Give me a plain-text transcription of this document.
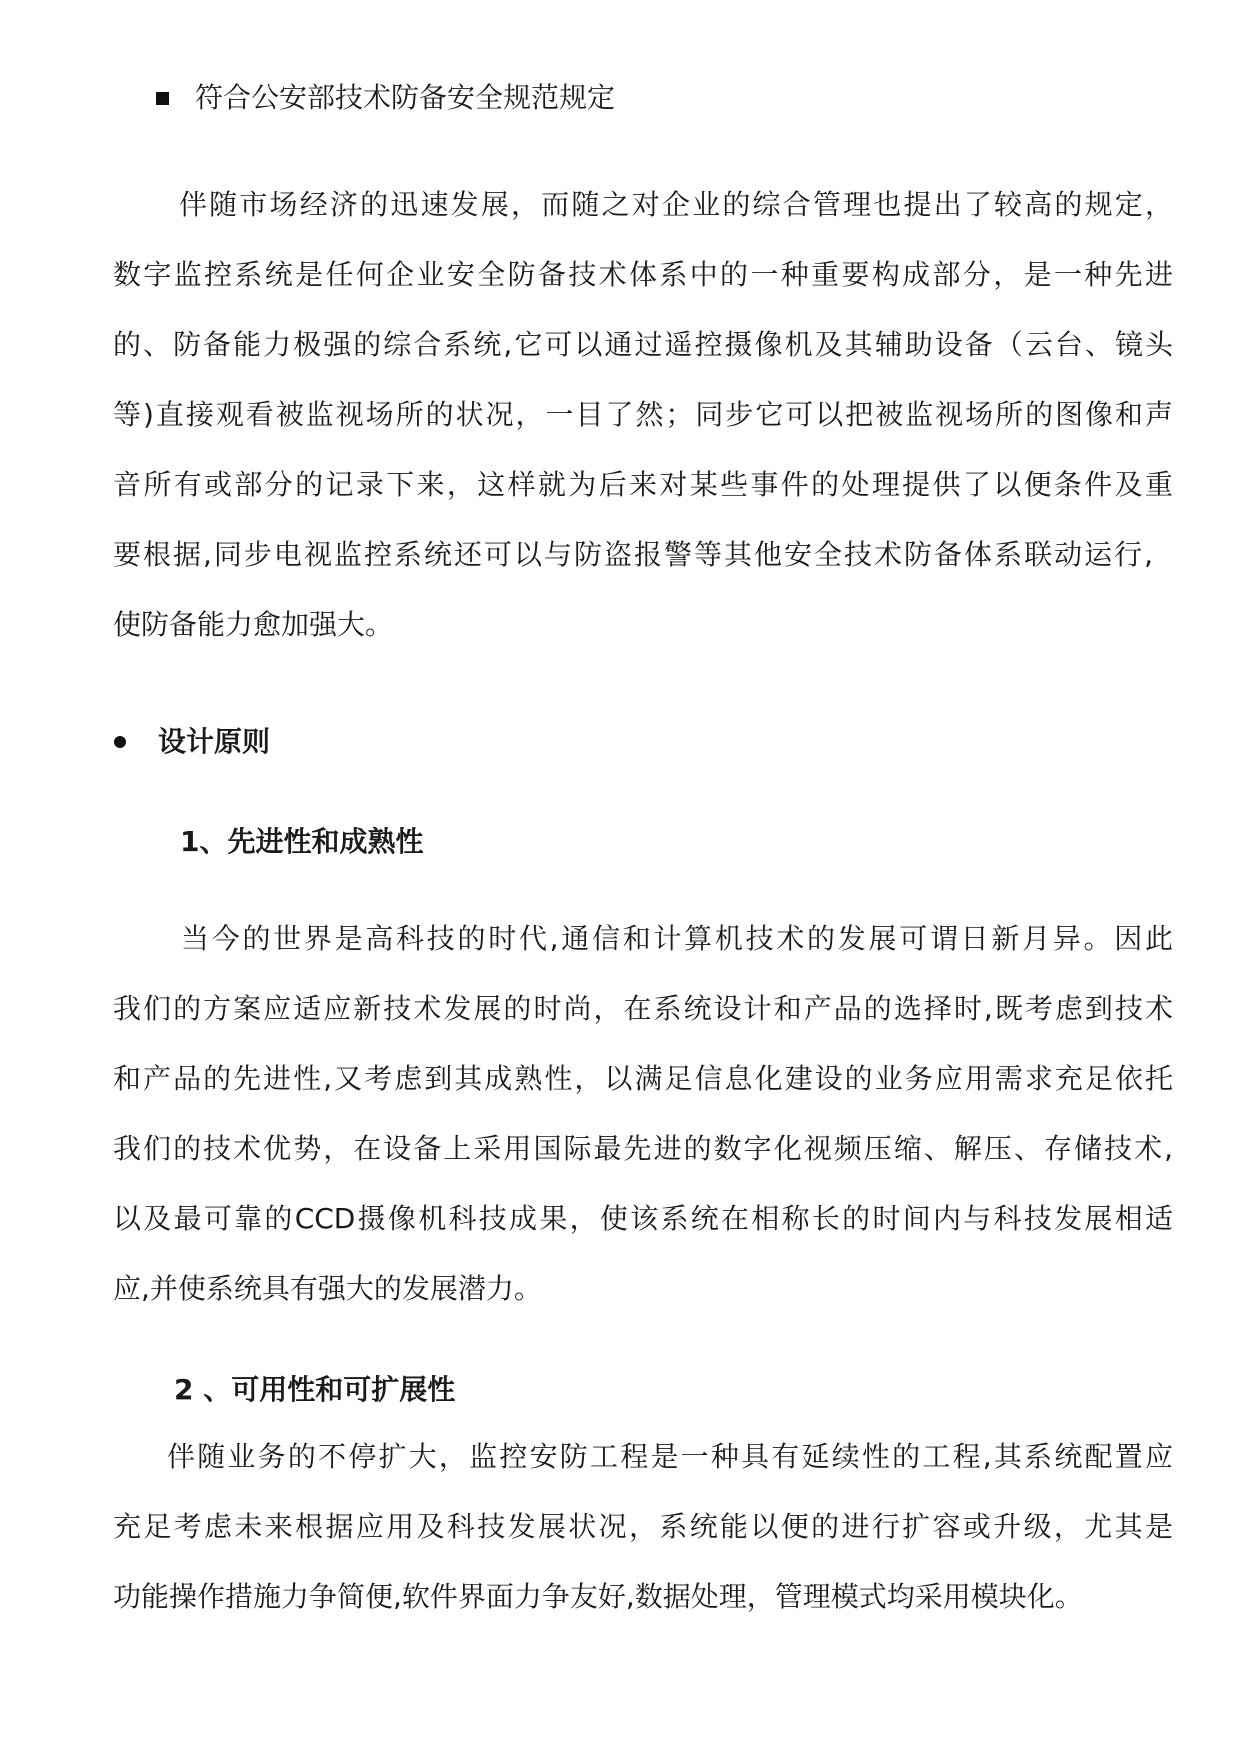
符合公安部技术防备安全规范规定
伴随市场经济的迅速发展，而随之对企业的综合管理也提出了较高的规定，
数字监控系统是任何企业安全防备技术体系中的一种重要构成部分，是一种先进
的、防备能力极强的综合系统,它可以通过遥控摄像机及其辅助设备（云台、镜头
等)直接观看被监视场所的状况，一目了然；同步它可以把被监视场所的图像和声
音所有或部分的记录下来，这样就为后来对某些事件的处理提供了以便条件及重
要根据,同步电视监控系统还可以与防盗报警等其他安全技术防备体系联动运行,
使防备能力愈加强大。
设计原则
1、先进性和成熟性
当今的世界是高科技的时代,通信和计算机技术的发展可谓日新月异。因此
我们的方案应适应新技术发展的时尚，在系统设计和产品的选择时,既考虑到技术
和产品的先进性,又考虑到其成熟性，以满足信息化建设的业务应用需求充足依托
我们的技术优势，在设备上采用国际最先进的数字化视频压缩、解压、存储技术,
以及最可靠的CCD摄像机科技成果，使该系统在相称长的时间内与科技发展相适
应,并使系统具有强大的发展潜力。
2 、可用性和可扩展性
伴随业务的不停扩大，监控安防工程是一种具有延续性的工程,其系统配置应
充足考虑未来根据应用及科技发展状况，系统能以便的进行扩容或升级，尤其是
功能操作措施力争简便,软件界面力争友好,数据处理，管理模式均采用模块化。
